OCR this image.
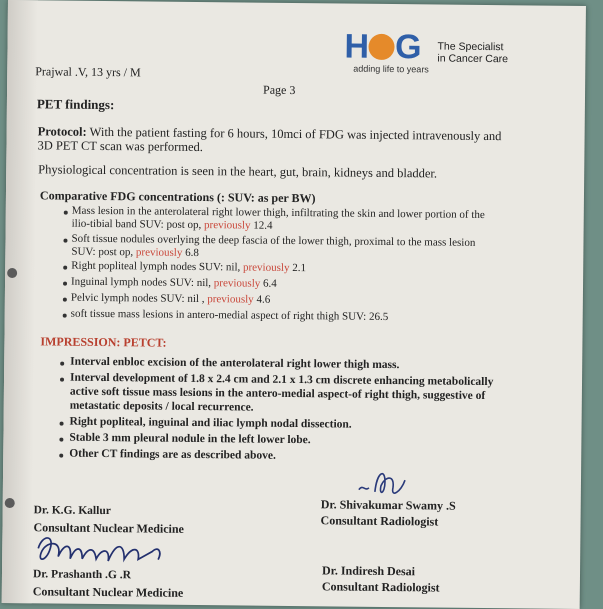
H G The Specialist
in Cancer Care
adding life to years
Prajwal .V, 13 yrs / M
Page 3
PET findings:
Protocol: With the patient fasting for 6 hours, 10mci of FDG was injected intravenously and
3D PET CT scan was performed.
Physiological concentration is seen in the heart, gut, brain, kidneys and bladder.
Comparative FDG concentrations (: SUV: as per BW)
Mass lesion in the anterolateral right lower thigh, infiltrating the skin and lower portion of the
ilio-tibial band SUV: post op, previously 12.4
Soft tissue nodules overlying the deep fascia of the lower thigh, proximal to the mass lesion
SUV: post op, previously 6.8
Right popliteal lymph nodes SUV: nil, previously 2.1
Inguinal lymph nodes SUV: nil, previously 6.4
Pelvic lymph nodes SUV: nil , previously 4.6
soft tissue mass lesions in antero-medial aspect of right thigh SUV: 26.5
IMPRESSION: PETCT:
Interval enbloc excision of the anterolateral right lower thigh mass.
Interval development of 1.8 x 2.4 cm and 2.1 x 1.3 cm discrete enhancing metabolically
active soft tissue mass lesions in the antero-medial aspect-of right thigh, suggestive of
metastatic deposits / local recurrence.
Right popliteal, inguinal and iliac lymph nodal dissection.
Stable 3 mm pleural nodule in the left lower lobe.
Other CT findings are as described above.
Dr. Shivakumar Swamy .S
Consultant Radiologist
Dr. K.G. Kallur
Consultant Nuclear Medicine
Dr. Prashanth .G .R
Consultant Nuclear Medicine
Dr. Indiresh Desai
Consultant Radiologist
